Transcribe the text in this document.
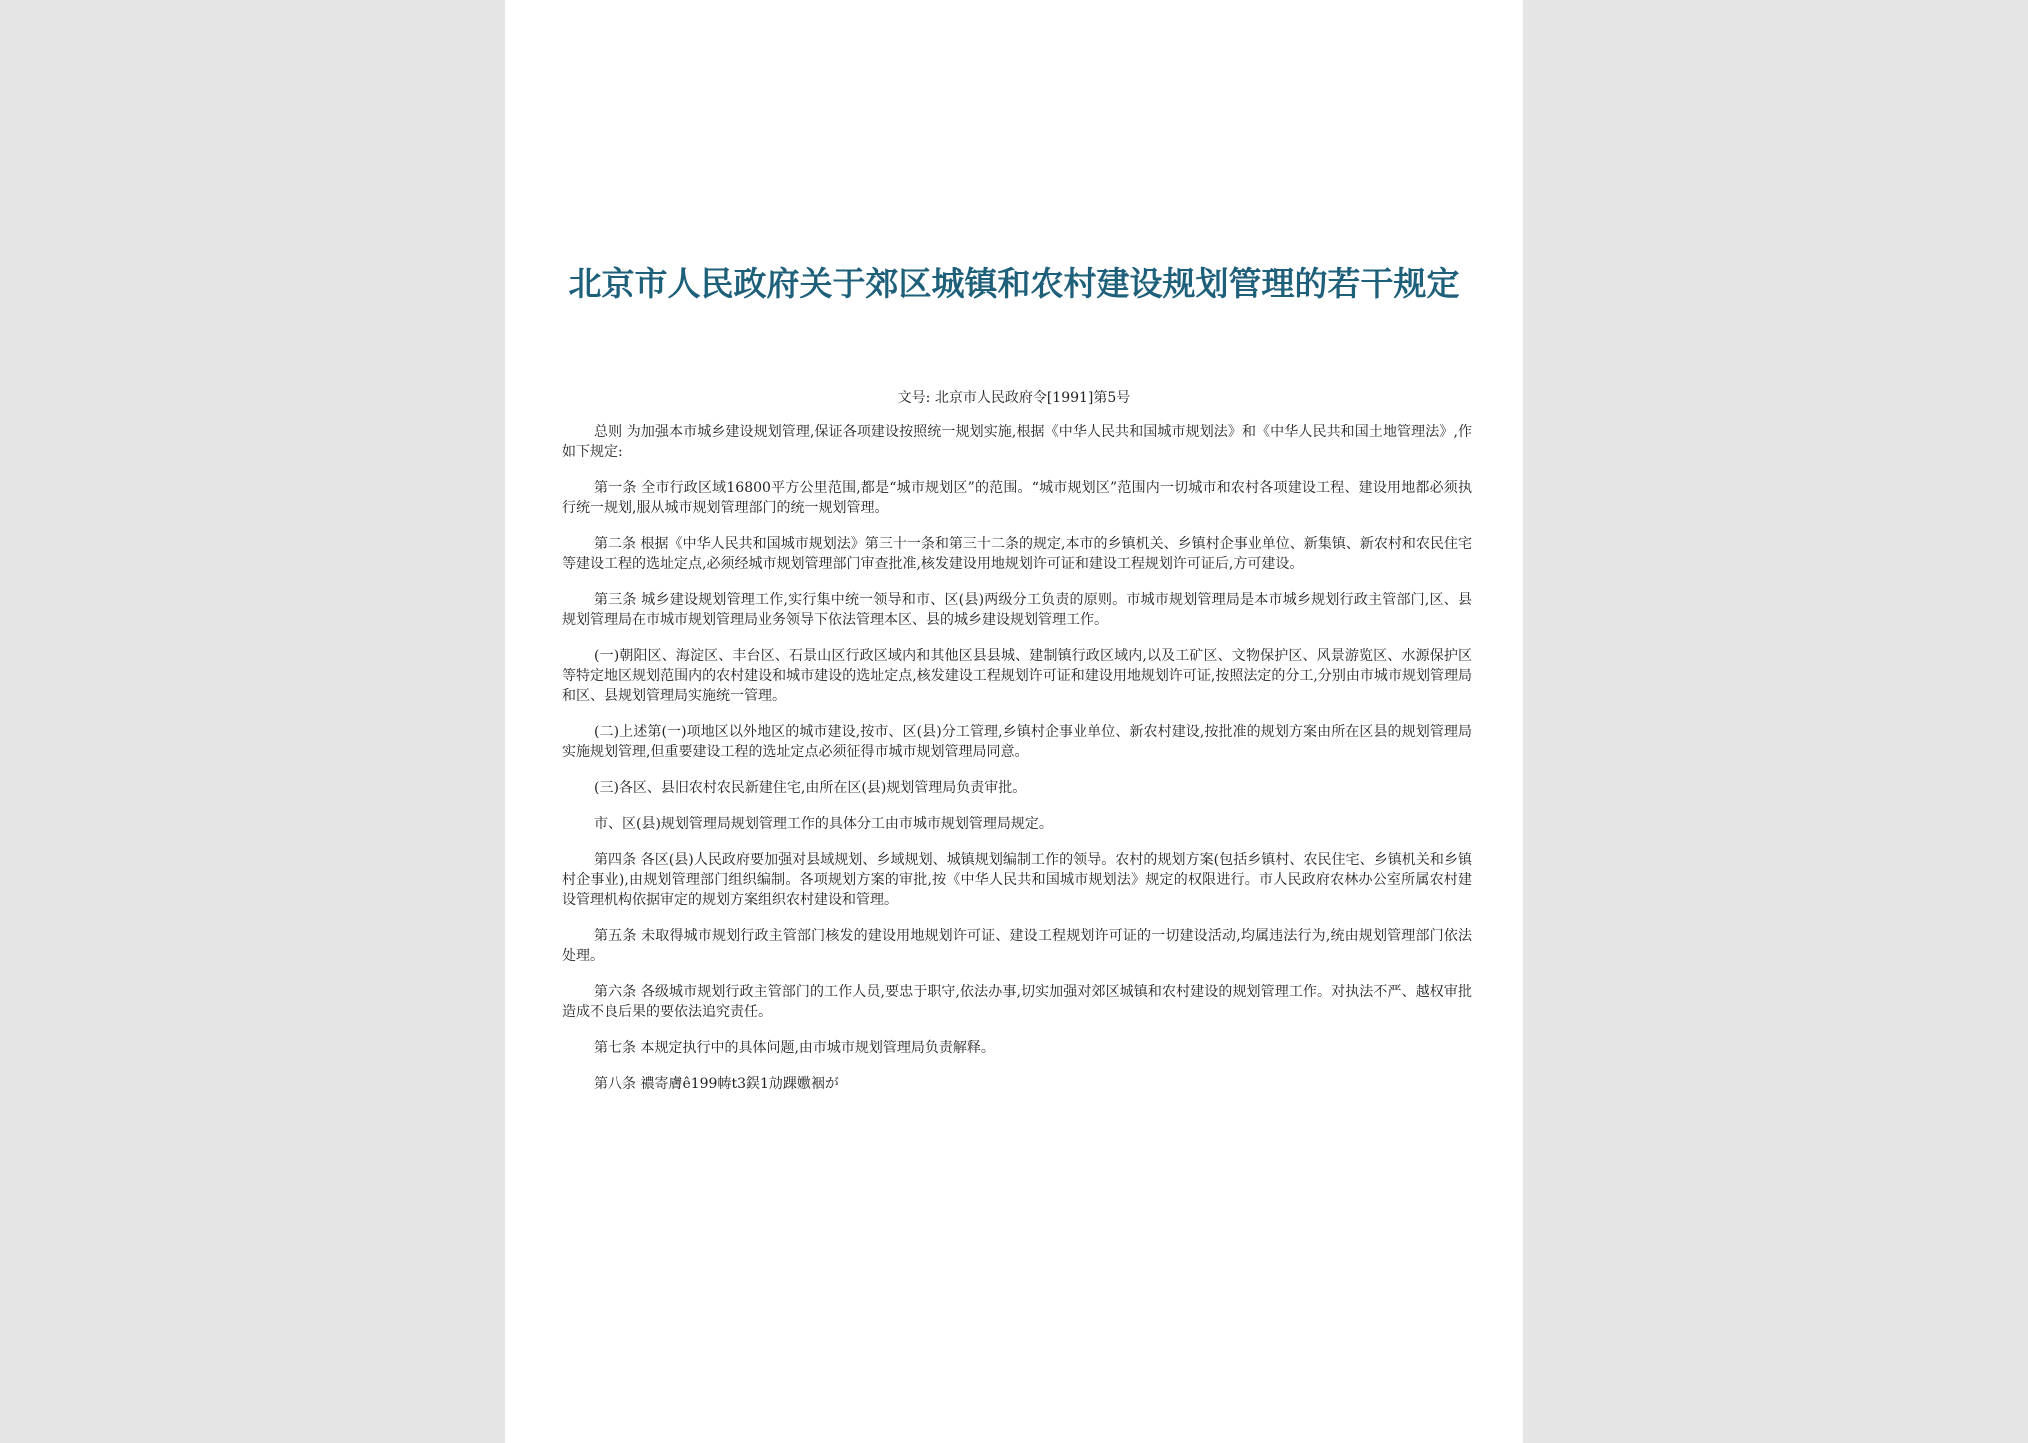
北京市人民政府关于郊区城镇和农村建设规划管理的若干规定
文号: 北京市人民政府令[1991]第5号

总则 为加强本市城乡建设规划管理,保证各项建设按照统一规划实施,根据《中华人民共和国城市规划法》和《中华人民共和国土地管理法》,作如下规定:

第一条 全市行政区域16800平方公里范围,都是“城市规划区”的范围。“城市规划区”范围内一切城市和农村各项建设工程、建设用地都必须执行统一规划,服从城市规划管理部门的统一规划管理。

第二条 根据《中华人民共和国城市规划法》第三十一条和第三十二条的规定,本市的乡镇机关、乡镇村企事业单位、新集镇、新农村和农民住宅等建设工程的选址定点,必须经城市规划管理部门审查批准,核发建设用地规划许可证和建设工程规划许可证后,方可建设。

第三条 城乡建设规划管理工作,实行集中统一领导和市、区(县)两级分工负责的原则。市城市规划管理局是本市城乡规划行政主管部门,区、县规划管理局在市城市规划管理局业务领导下依法管理本区、县的城乡建设规划管理工作。

(一)朝阳区、海淀区、丰台区、石景山区行政区域内和其他区县县城、建制镇行政区域内,以及工矿区、文物保护区、风景游览区、水源保护区等特定地区规划范围内的农村建设和城市建设的选址定点,核发建设工程规划许可证和建设用地规划许可证,按照法定的分工,分别由市城市规划管理局和区、县规划管理局实施统一管理。

(二)上述第(一)项地区以外地区的城市建设,按市、区(县)分工管理,乡镇村企事业单位、新农村建设,按批准的规划方案由所在区县的规划管理局实施规划管理,但重要建设工程的选址定点必须征得市城市规划管理局同意。

(三)各区、县旧农村农民新建住宅,由所在区(县)规划管理局负责审批。

市、区(县)规划管理局规划管理工作的具体分工由市城市规划管理局规定。

第四条 各区(县)人民政府要加强对县域规划、乡域规划、城镇规划编制工作的领导。农村的规划方案(包括乡镇村、农民住宅、乡镇机关和乡镇村企事业),由规划管理部门组织编制。各项规划方案的审批,按《中华人民共和国城市规划法》规定的权限进行。市人民政府农林办公室所属农村建设管理机构依据审定的规划方案组织农村建设和管理。

第五条 未取得城市规划行政主管部门核发的建设用地规划许可证、建设工程规划许可证的一切建设活动,均属违法行为,统由规划管理部门依法处理。

第六条 各级城市规划行政主管部门的工作人员,要忠于职守,依法办事,切实加强对郊区城镇和农村建设的规划管理工作。对执法不严、越权审批造成不良后果的要依法追究责任。

第七条 本规定执行中的具体问题,由市城市规划管理局负责解释。

第八条 禯寄膚ê199帱t3鋘1劥踝嫐裀が
